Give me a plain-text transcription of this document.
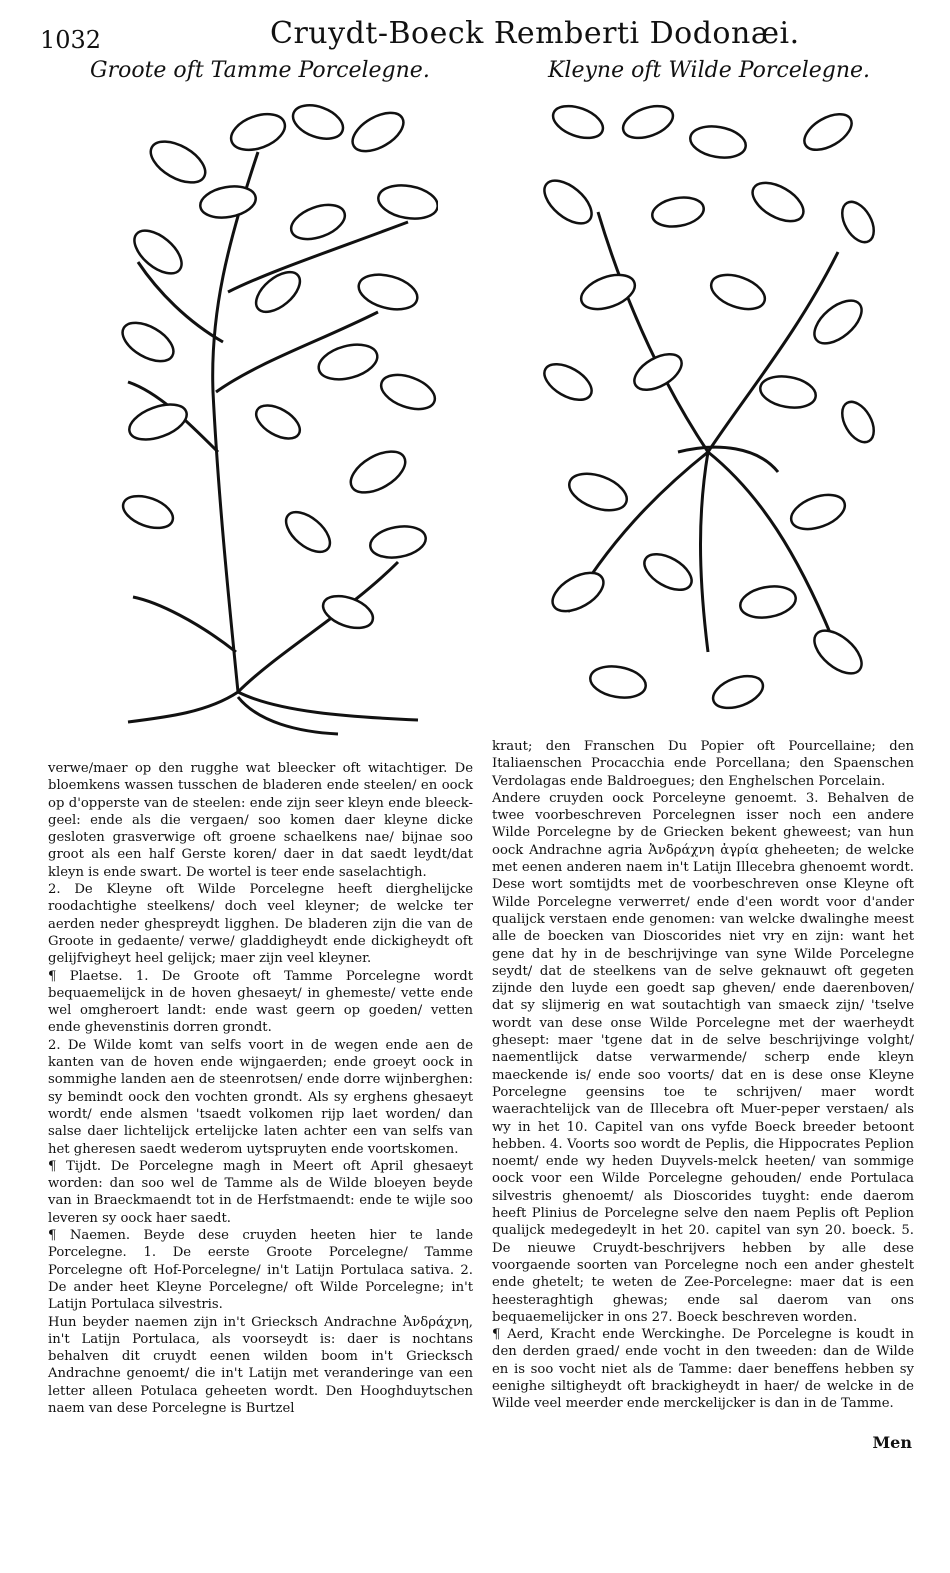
1032	Cruydt-Boeck Remberti Dodonæi.
Groote oft Tamme Porcelegne.	Kleyne oft Wilde Porcelegne.

verwe/maer op den rugghe wat bleecker oft witachtiger. De bloemkens wassen tusschen de bladeren ende steelen/ en oock op d'opperste van de steelen: ende zijn seer kleyn ende bleeck-geel: ende als die vergaen/ soo komen daer kleyne dicke gesloten grasverwige oft groene schaelkens nae/ bijnae soo groot als een half Gerste koren/ daer in dat saedt leydt/dat kleyn is ende swart. De wortel is teer ende saselachtigh.

2. De Kleyne oft Wilde Porcelegne heeft dierghelijcke roodachtighe steelkens/ doch veel kleyner; de welcke ter aerden neder ghespreydt ligghen. De bladeren zijn die van de Groote in gedaente/ verwe/ gladdigheydt ende dickigheydt oft gelijfvigheyt heel gelijck; maer zijn veel kleyner.

¶ Plaetse. 1. De Groote oft Tamme Porcelegne wordt bequaemelijck in de hoven ghesaeyt/ in ghemeste/ vette ende wel omgheroert landt: ende wast geern op goeden/ vetten ende ghevenstinis dorren grondt.

2. De Wilde komt van selfs voort in de wegen ende aen de kanten van de hoven ende wijngaerden; ende groeyt oock in sommighe landen aen de steenrotsen/ ende dorre wijnberghen: sy bemindt oock den vochten grondt. Als sy erghens ghesaeyt wordt/ ende alsmen 'tsaedt volkomen rijp laet worden/ dan salse daer lichtelijck ertelijcke laten achter een van selfs van het gheresen saedt wederom uytspruyten ende voortskomen.

¶ Tijdt. De Porcelegne magh in Meert oft April ghesaeyt worden: dan soo wel de Tamme als de Wilde bloeyen beyde van in Braeckmaendt tot in de Herfstmaendt: ende te wijle soo leveren sy oock haer saedt.

¶ Naemen. Beyde dese cruyden heeten hier te lande Porcelegne. 1. De eerste Groote Porcelegne/ Tamme Porcelegne oft Hof-Porcelegne/ in't Latijn Portulaca sativa. 2. De ander heet Kleyne Porcelegne/ oft Wilde Porcelegne; in't Latijn Portulaca silvestris.

Hun beyder naemen zijn in't Griecksch Andrachne Ἀνδράχνη, in't Latijn Portulaca, als voorseydt is: daer is nochtans behalven dit cruydt eenen wilden boom in't Griecksch Andrachne genoemt/ die in't Latijn met veranderinge van een letter alleen Potulaca geheeten wordt. Den Hooghduytschen naem van dese Porcelegne is Burtzel

kraut; den Franschen Du Popier oft Pourcellaine; den Italiaenschen Procacchia ende Porcellana; den Spaenschen Verdolagas ende Baldroegues; den Enghelschen Porcelain.

Andere cruyden oock Porceleyne genoemt. 3. Behalven de twee voorbeschreven Porcelegnen isser noch een andere Wilde Porcelegne by de Griecken bekent gheweest; van hun oock Andrachne agria Ἀνδράχνη ἀγρία gheheeten; de welcke met eenen anderen naem in't Latijn Illecebra ghenoemt wordt. Dese wort somtijdts met de voorbeschreven onse Kleyne oft Wilde Porcelegne verwerret/ ende d'een wordt voor d'ander qualijck verstaen ende genomen: van welcke dwalinghe meest alle de boecken van Dioscorides niet vry en zijn: want het gene dat hy in de beschrijvinge van syne Wilde Porcelegne seydt/ dat de steelkens van de selve geknauwt oft gegeten zijnde den luyde een goedt sap gheven/ ende daerenboven/ dat sy slijmerig en wat soutachtigh van smaeck zijn/ 'tselve wordt van dese onse Wilde Porcelegne met der waerheydt ghesept: maer 'tgene dat in de selve beschrijvinge volght/ naementlijck datse verwarmende/ scherp ende kleyn maeckende is/ ende soo voorts/ dat en is dese onse Kleyne Porcelegne geensins toe te schrijven/ maer wordt waerachtelijck van de Illecebra oft Muer-peper verstaen/ als wy in het 10. Capitel van ons vyfde Boeck breeder betoont hebben. 4. Voorts soo wordt de Peplis, die Hippocrates Peplion noemt/ ende wy heden Duyvels-melck heeten/ van sommige oock voor een Wilde Porcelegne gehouden/ ende Portulaca silvestris ghenoemt/ als Dioscorides tuyght: ende daerom heeft Plinius de Porcelegne selve den naem Peplis oft Peplion qualijck medegedeylt in het 20. capitel van syn 20. boeck. 5. De nieuwe Cruydt-beschrijvers hebben by alle dese voorgaende soorten van Porcelegne noch een ander ghestelt ende ghetelt; te weten de Zee-Porcelegne: maer dat is een heesteraghtigh ghewas; ende sal daerom van ons bequaemelijcker in ons 27. Boeck beschreven worden.

¶ Aerd, Kracht ende Werckinghe. De Porcelegne is koudt in den derden graed/ ende vocht in den tweeden: dan de Wilde en is soo vocht niet als de Tamme: daer beneffens hebben sy eenighe siltigheydt oft brackigheydt in haer/ de welcke in de Wilde veel meerder ende merckelijcker is dan in de Tamme.

Men
